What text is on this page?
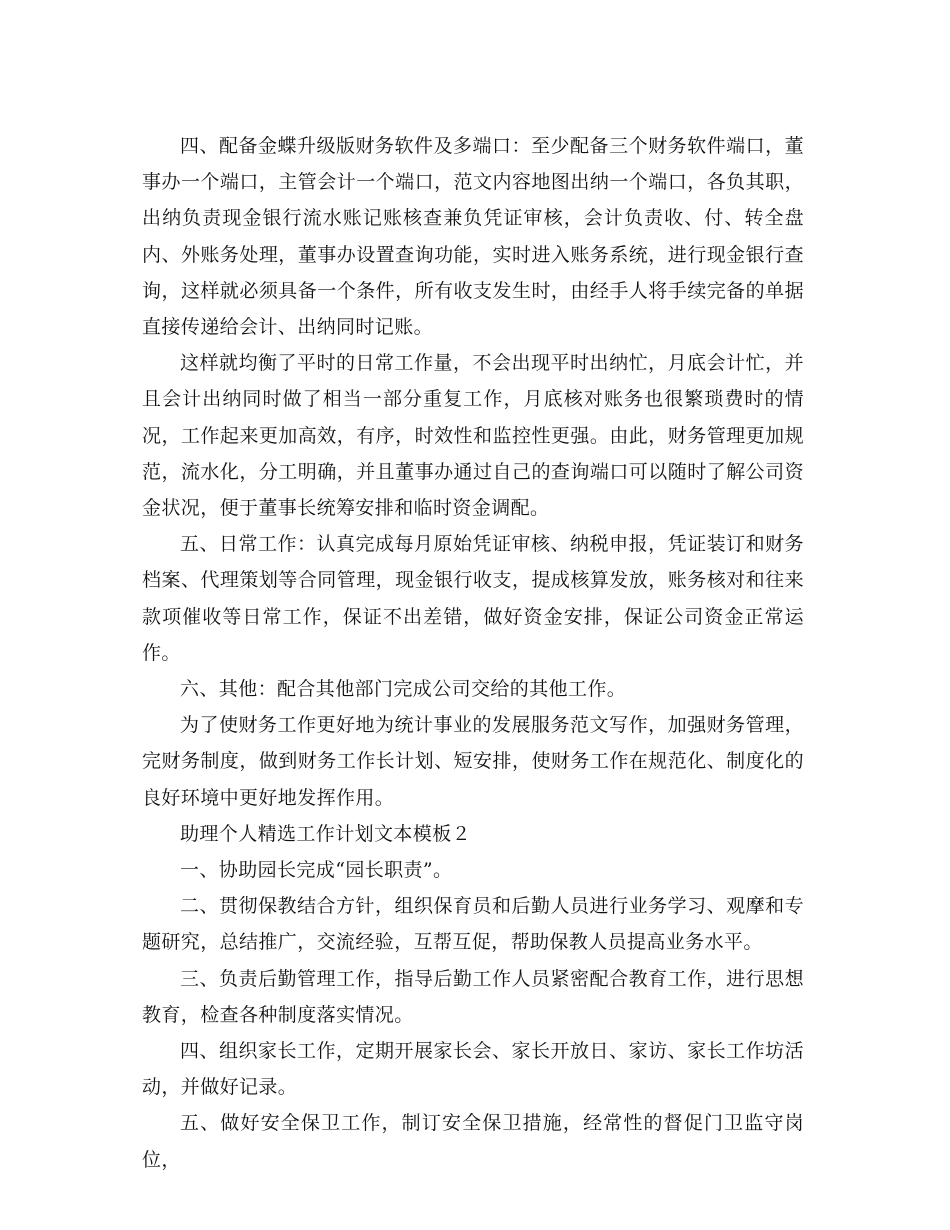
四、配备金蝶升级版财务软件及多端口：至少配备三个财务软件端口，董事办一个端口，主管会计一个端口，范文内容地图出纳一个端口，各负其职，出纳负责现金银行流水账记账核查兼负凭证审核，会计负责收、付、转全盘内、外账务处理，董事办设置查询功能，实时进入账务系统，进行现金银行查询，这样就必须具备一个条件，所有收支发生时，由经手人将手续完备的单据直接传递给会计、出纳同时记账。

这样就均衡了平时的日常工作量，不会出现平时出纳忙，月底会计忙，并且会计出纳同时做了相当一部分重复工作，月底核对账务也很繁琐费时的情况，工作起来更加高效，有序，时效性和监控性更强。由此，财务管理更加规范，流水化，分工明确，并且董事办通过自己的查询端口可以随时了解公司资金状况，便于董事长统筹安排和临时资金调配。

五、日常工作：认真完成每月原始凭证审核、纳税申报，凭证装订和财务档案、代理策划等合同管理，现金银行收支，提成核算发放，账务核对和往来款项催收等日常工作，保证不出差错，做好资金安排，保证公司资金正常运作。

六、其他：配合其他部门完成公司交给的其他工作。

为了使财务工作更好地为统计事业的发展服务范文写作，加强财务管理，完财务制度，做到财务工作长计划、短安排，使财务工作在规范化、制度化的良好环境中更好地发挥作用。

助理个人精选工作计划文本模板２

一、协助园长完成“园长职责”。

二、贯彻保教结合方针，组织保育员和后勤人员进行业务学习、观摩和专题研究，总结推广，交流经验，互帮互促，帮助保教人员提高业务水平。

三、负责后勤管理工作，指导后勤工作人员紧密配合教育工作，进行思想教育，检查各种制度落实情况。

四、组织家长工作，定期开展家长会、家长开放日、家访、家长工作坊活动，并做好记录。

五、做好安全保卫工作，制订安全保卫措施，经常性的督促门卫监守岗位，
